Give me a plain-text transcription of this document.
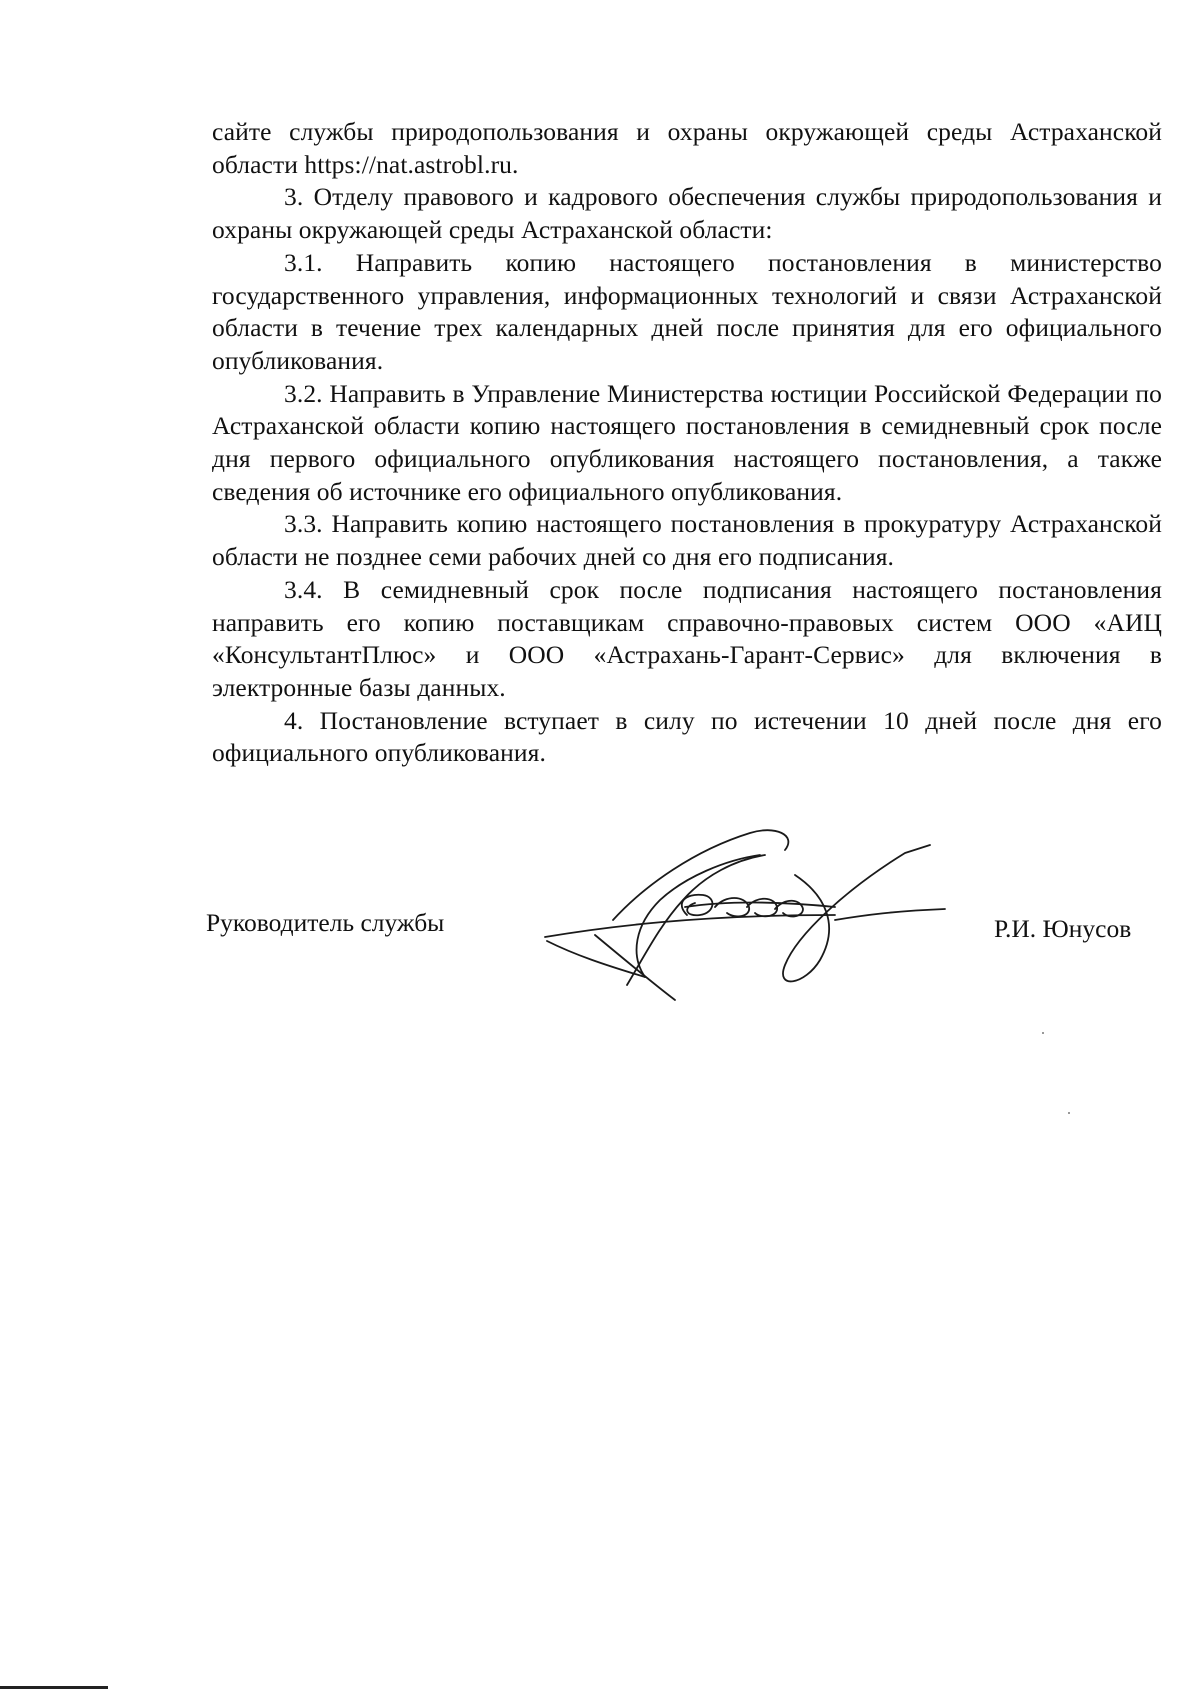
сайте службы природопользования и охраны окружающей среды Астраханской области https://nat.astrobl.ru.

3. Отделу правового и кадрового обеспечения службы природопользования и охраны окружающей среды Астраханской области:

3.1. Направить копию настоящего постановления в министерство государственного управления, информационных технологий и связи Астраханской области в течение трех календарных дней после принятия для его официального опубликования.

3.2. Направить в Управление Министерства юстиции Российской Федерации по Астраханской области копию настоящего постановления в семидневный срок после дня первого официального опубликования настоящего постановления, а также сведения об источнике его официального опубликования.

3.3. Направить копию настоящего постановления в прокуратуру Астраханской области не позднее семи рабочих дней со дня его подписания.

3.4. В семидневный срок после подписания настоящего постановления направить его копию поставщикам справочно-правовых систем ООО «АИЦ «КонсультантПлюс» и ООО «Астрахань-Гарант-Сервис» для включения в электронные базы данных.

4. Постановление вступает в силу по истечении 10 дней после дня его официального опубликования.

Руководитель службы	Р.И. Юнусов
